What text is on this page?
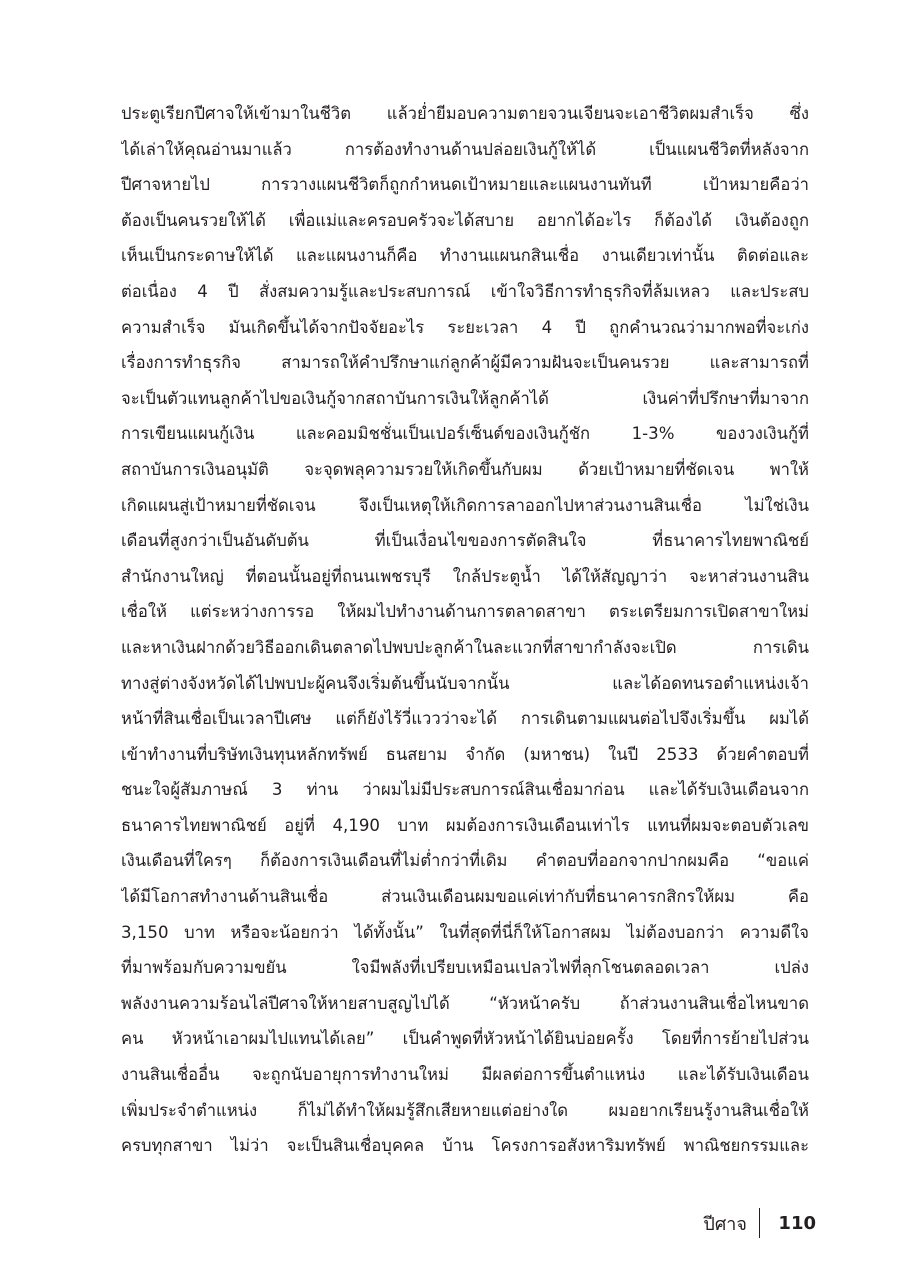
ประตูเรียกปีศาจให้เข้ามาในชีวิต แล้วย่ำยีมอบความตายจวนเจียนจะเอาชีวิตผมสำเร็จ ซึ่ง
ได้เล่าให้คุณอ่านมาแล้ว การต้องทำงานด้านปล่อยเงินกู้ให้ได้ เป็นแผนชีวิตที่หลังจาก
ปีศาจหายไป การวางแผนชีวิตก็ถูกกำหนดเป้าหมายและแผนงานทันที เป้าหมายคือว่า
ต้องเป็นคนรวยให้ได้ เพื่อแม่และครอบครัวจะได้สบาย อยากได้อะไร ก็ต้องได้ เงินต้องถูก
เห็นเป็นกระดาษให้ได้ และแผนงานก็คือ ทำงานแผนกสินเชื่อ งานเดียวเท่านั้น ติดต่อและ
ต่อเนื่อง 4 ปี สั่งสมความรู้และประสบการณ์ เข้าใจวิธีการทำธุรกิจที่ล้มเหลว และประสบ
ความสำเร็จ มันเกิดขึ้นได้จากปัจจัยอะไร ระยะเวลา 4 ปี ถูกคำนวณว่ามากพอที่จะเก่ง
เรื่องการทำธุรกิจ สามารถให้คำปรึกษาแก่ลูกค้าผู้มีความฝันจะเป็นคนรวย และสามารถที่
จะเป็นตัวแทนลูกค้าไปขอเงินกู้จากสถาบันการเงินให้ลูกค้าได้ เงินค่าที่ปรึกษาที่มาจาก
การเขียนแผนกู้เงิน และคอมมิชชั่นเป็นเปอร์เซ็นต์ของเงินกู้ชัก 1-3% ของวงเงินกู้ที่
สถาบันการเงินอนุมัติ จะจุดพลุความรวยให้เกิดขึ้นกับผม ด้วยเป้าหมายที่ชัดเจน พาให้
เกิดแผนสู่เป้าหมายที่ชัดเจน จึงเป็นเหตุให้เกิดการลาออกไปหาส่วนงานสินเชื่อ ไม่ใช่เงิน
เดือนที่สูงกว่าเป็นอันดับต้น ที่เป็นเงื่อนไขของการตัดสินใจ ที่ธนาคารไทยพาณิชย์
สำนักงานใหญ่ ที่ตอนนั้นอยู่ที่ถนนเพชรบุรี ใกล้ประตูน้ำ ได้ให้สัญญาว่า จะหาส่วนงานสิน
เชื่อให้ แต่ระหว่างการรอ ให้ผมไปทำงานด้านการตลาดสาขา ตระเตรียมการเปิดสาขาใหม่
และหาเงินฝากด้วยวิธีออกเดินตลาดไปพบปะลูกค้าในละแวกที่สาขากำลังจะเปิด การเดิน
ทางสู่ต่างจังหวัดได้ไปพบปะผู้คนจึงเริ่มต้นขึ้นนับจากนั้น และได้อดทนรอตำแหน่งเจ้า
หน้าที่สินเชื่อเป็นเวลาปีเศษ แต่ก็ยังไร้วี่แววว่าจะได้ การเดินตามแผนต่อไปจึงเริ่มขึ้น ผมได้
เข้าทำงานที่บริษัทเงินทุนหลักทรัพย์ ธนสยาม จำกัด (มหาชน) ในปี 2533 ด้วยคำตอบที่
ชนะใจผู้สัมภาษณ์ 3 ท่าน ว่าผมไม่มีประสบการณ์สินเชื่อมาก่อน และได้รับเงินเดือนจาก
ธนาคารไทยพาณิชย์ อยู่ที่ 4,190 บาท ผมต้องการเงินเดือนเท่าไร แทนที่ผมจะตอบตัวเลข
เงินเดือนที่ใครๆ ก็ต้องการเงินเดือนที่ไม่ต่ำกว่าที่เดิม คำตอบที่ออกจากปากผมคือ “ขอแค่
ได้มีโอกาสทำงานด้านสินเชื่อ ส่วนเงินเดือนผมขอแค่เท่ากับที่ธนาคารกสิกรให้ผม คือ
3,150 บาท หรือจะน้อยกว่า ได้ทั้งนั้น” ในที่สุดที่นี่ก็ให้โอกาสผม ไม่ต้องบอกว่า ความดีใจ
ที่มาพร้อมกับความขยัน ใจมีพลังที่เปรียบเหมือนเปลวไฟที่ลุกโชนตลอดเวลา เปล่ง
พลังงานความร้อนไล่ปีศาจให้หายสาบสูญไปได้ “หัวหน้าครับ ถ้าส่วนงานสินเชื่อไหนขาด
คน หัวหน้าเอาผมไปแทนได้เลย” เป็นคำพูดที่หัวหน้าได้ยินบ่อยครั้ง โดยที่การย้ายไปส่วน
งานสินเชื่ออื่น จะถูกนับอายุการทำงานใหม่ มีผลต่อการขึ้นตำแหน่ง และได้รับเงินเดือน
เพิ่มประจำตำแหน่ง ก็ไม่ได้ทำให้ผมรู้สึกเสียหายแต่อย่างใด ผมอยากเรียนรู้งานสินเชื่อให้
ครบทุกสาขา ไม่ว่า จะเป็นสินเชื่อบุคคล บ้าน โครงการอสังหาริมทรัพย์ พาณิชยกรรมและ
ปีศาจ	110
